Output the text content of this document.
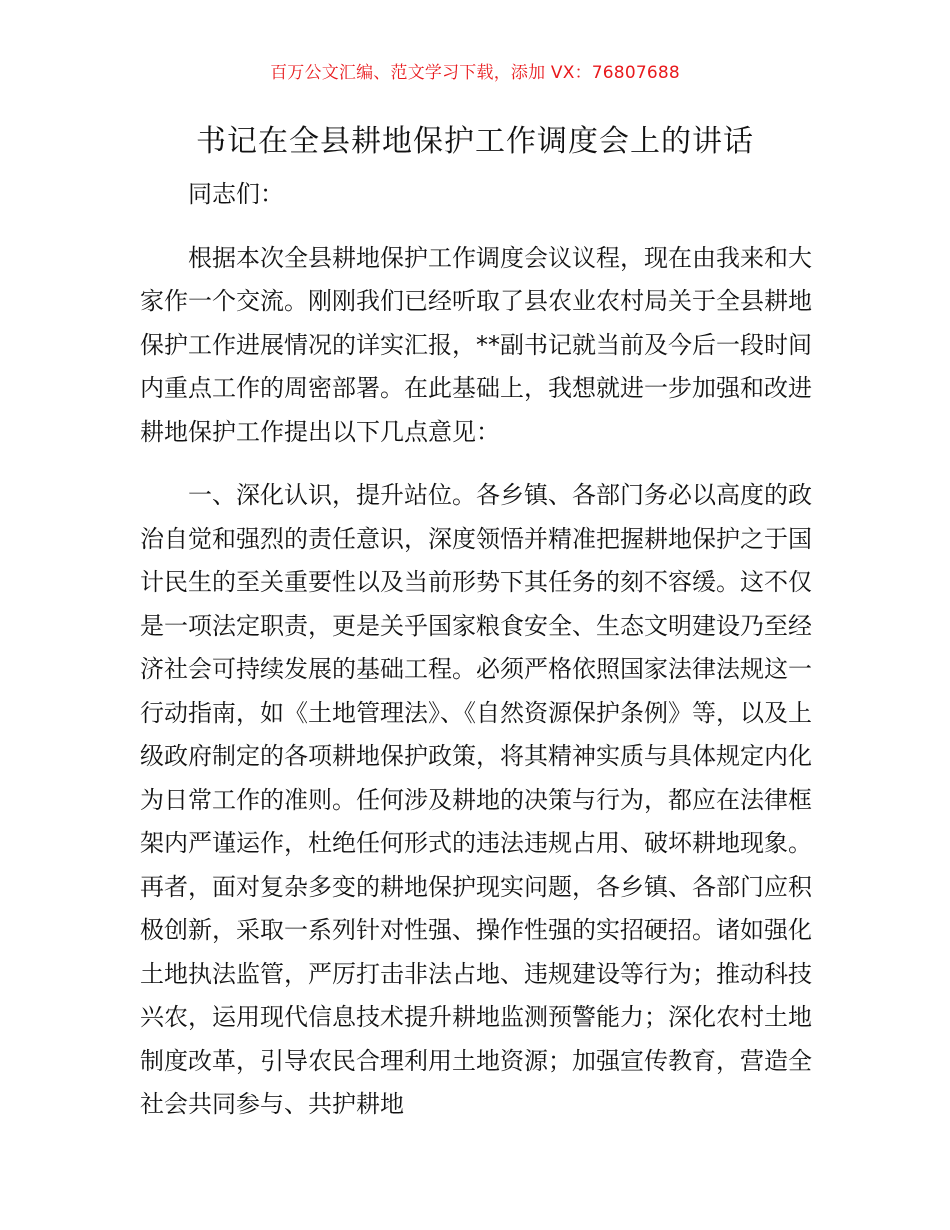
百万公文汇编、范文学习下载，添加 VX：76807688
书记在全县耕地保护工作调度会上的讲话

同志们：

根据本次全县耕地保护工作调度会议议程，现在由我来和大家作一个交流。刚刚我们已经听取了县农业农村局关于全县耕地保护工作进展情况的详实汇报，**副书记就当前及今后一段时间内重点工作的周密部署。在此基础上，我想就进一步加强和改进耕地保护工作提出以下几点意见：

一、深化认识，提升站位。各乡镇、各部门务必以高度的政治自觉和强烈的责任意识，深度领悟并精准把握耕地保护之于国计民生的至关重要性以及当前形势下其任务的刻不容缓。这不仅是一项法定职责，更是关乎国家粮食安全、生态文明建设乃至经济社会可持续发展的基础工程。必须严格依照国家法律法规这一行动指南，如《土地管理法》、《自然资源保护条例》等，以及上级政府制定的各项耕地保护政策，将其精神实质与具体规定内化为日常工作的准则。任何涉及耕地的决策与行为，都应在法律框架内严谨运作，杜绝任何形式的违法违规占用、破坏耕地现象。再者，面对复杂多变的耕地保护现实问题，各乡镇、各部门应积极创新，采取一系列针对性强、操作性强的实招硬招。诸如强化土地执法监管，严厉打击非法占地、违规建设等行为；推动科技兴农，运用现代信息技术提升耕地监测预警能力；深化农村土地制度改革，引导农民合理利用土地资源；加强宣传教育，营造全社会共同参与、共护耕地
